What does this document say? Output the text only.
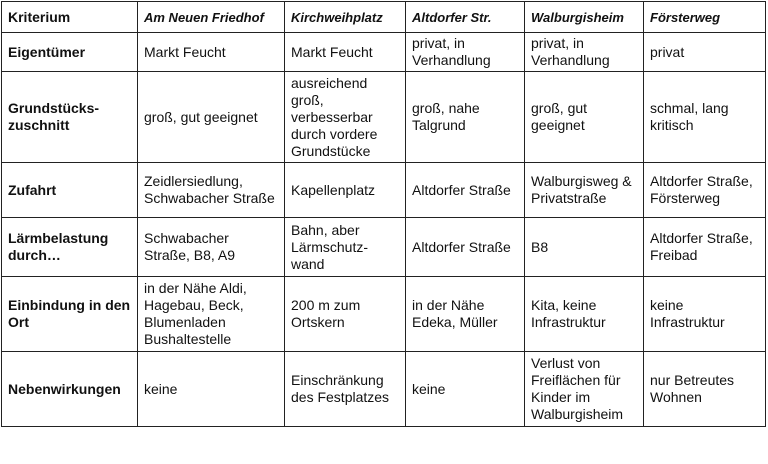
Kriterium	Am Neuen Friedhof	Kirchweihplatz	Altdorfer Str.	Walburgisheim	Försterweg
Eigentümer	Markt Feucht	Markt Feucht	privat, in Verhandlung	privat, in Verhandlung	privat
Grundstücks-zuschnitt	groß, gut geeignet	ausreichend groß, verbesserbar durch vordere Grundstücke	groß, nahe Talgrund	groß, gut geeignet	schmal, lang kritisch
Zufahrt	Zeidlersiedlung, Schwabacher Straße	Kapellenplatz	Altdorfer Straße	Walburgisweg & Privatstraße	Altdorfer Straße, Försterweg
Lärmbelastung durch…	Schwabacher Straße, B8, A9	Bahn, aber Lärmschutz-wand	Altdorfer Straße	B8	Altdorfer Straße, Freibad
Einbindung in den Ort	in der Nähe Aldi, Hagebau, Beck, Blumenladen Bushaltestelle	200 m zum Ortskern	in der Nähe Edeka, Müller	Kita, keine Infrastruktur	keine Infrastruktur
Nebenwirkungen	keine	Einschränkung des Festplatzes	keine	Verlust von Freiflächen für Kinder im Walburgisheim	nur Betreutes Wohnen
